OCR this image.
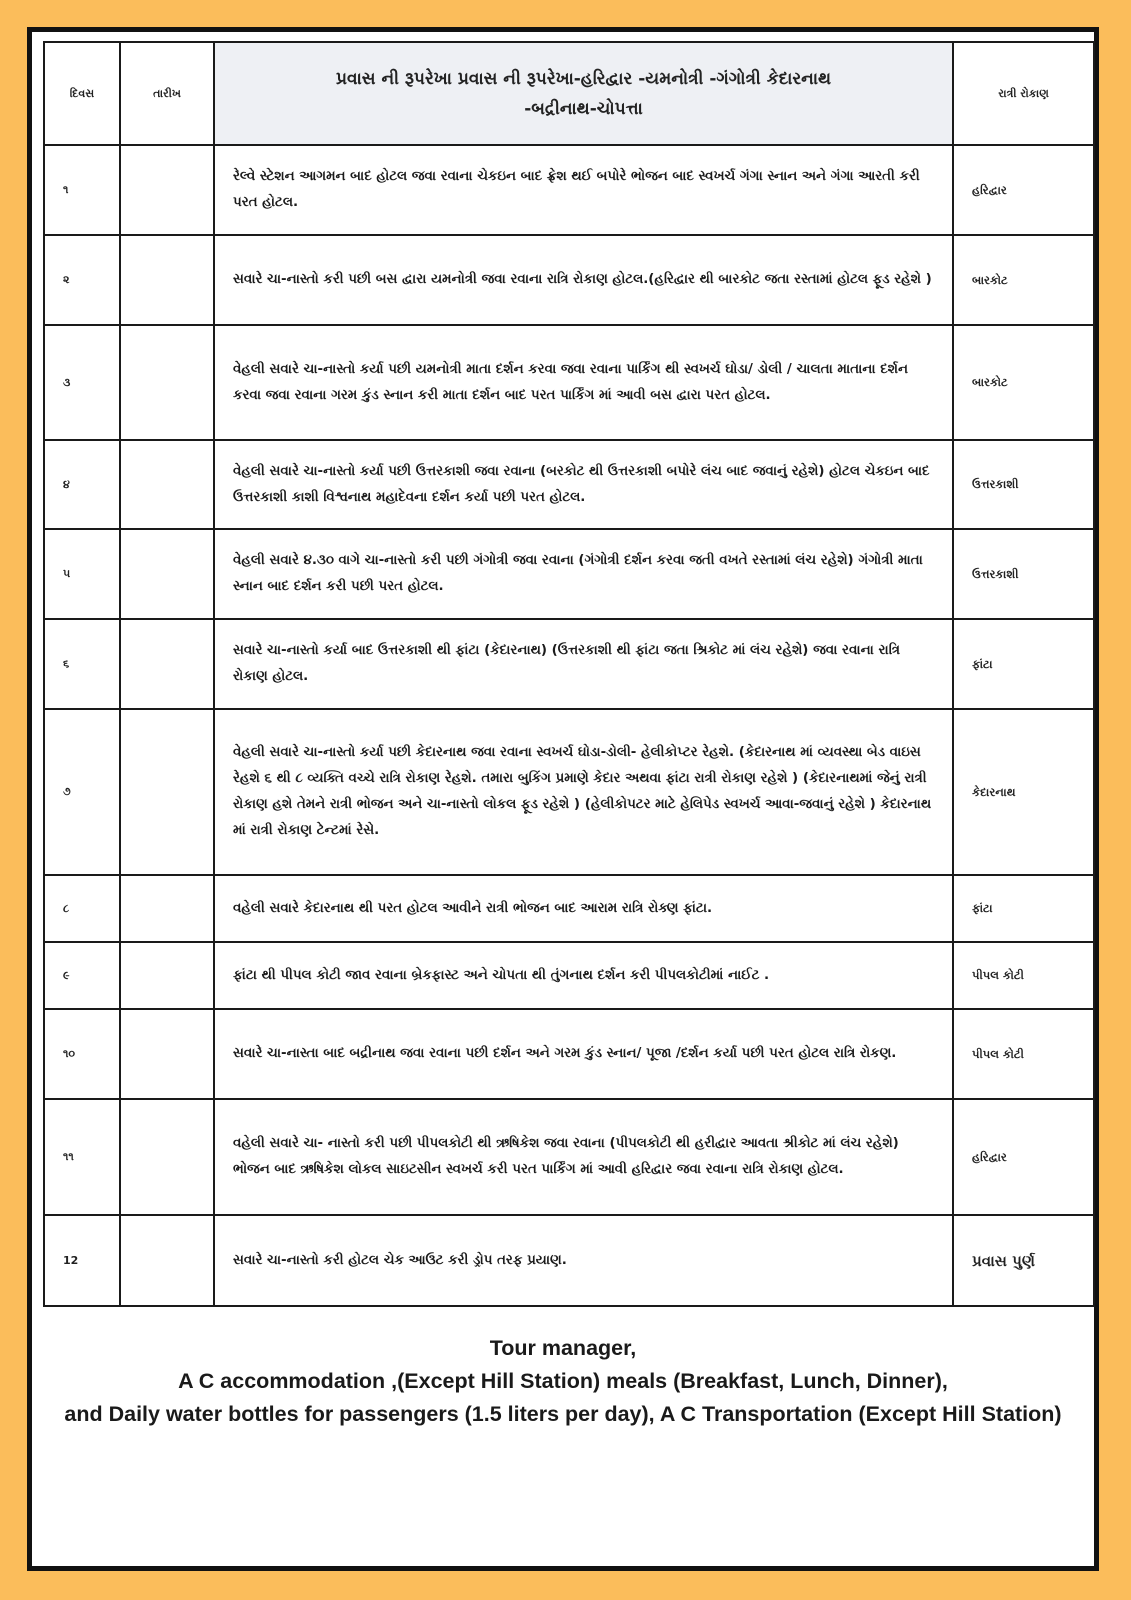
દિવસ	તારીખ	પ્રવાસ ની રૂપરેખા પ્રવાસ ની રૂપરેખા-હરિદ્વાર -યમનોત્રી -ગંગોત્રી કેદારનાથ
-બદ્રીનાથ-ચોપત્તા	રાત્રી રોકાણ
૧		રેલ્વે સ્ટેશન આગમન બાદ હોટલ જવા રવાના ચેકઇન બાદ ફ્રેશ થઈ બપોરે ભોજન બાદ સ્વખર્ચ ગંગા સ્નાન અને ગંગા આરતી કરી પરત હોટલ.	હરિદ્વાર
૨		સવારે ચા-નાસ્તો કરી પછી બસ દ્વારા યમનોત્રી જવા રવાના રાત્રિ રોકાણ હોટલ.(હરિદ્વાર થી બારકોટ જતા રસ્તામાં હોટલ ફૂડ રહેશે )	બારકોટ
૩		વેહલી સવારે ચા-નાસ્તો કર્યા પછી યમનોત્રી માતા દર્શન કરવા જવા રવાના પાર્કિંગ થી સ્વખર્ચ ઘોડા/ ડોલી / ચાલતા માતાના દર્શન કરવા જવા રવાના ગરમ કુંડ સ્નાન કરી માતા દર્શન બાદ પરત પાર્કિંગ માં આવી બસ દ્વારા પરત હોટલ.	બારકોટ
૪		વેહલી સવારે ચા-નાસ્તો કર્યા પછી ઉત્તરકાશી જવા રવાના (બરકોટ થી ઉત્તરકાશી બપોરે લંચ બાદ જવાનું રહેશે) હોટલ ચેકઇન બાદ ઉત્તરકાશી કાશી વિશ્વનાથ મહાદેવના દર્શન કર્યા પછી પરત હોટલ.	ઉત્તરકાશી
૫		વેહલી સવારે ૪.૩૦ વાગે ચા-નાસ્તો કરી પછી ગંગોત્રી જવા રવાના (ગંગોત્રી દર્શન કરવા જતી વખતે રસ્તામાં લંચ રહેશે) ગંગોત્રી માતા સ્નાન બાદ દર્શન કરી પછી પરત હોટલ.	ઉત્તરકાશી
૬		સવારે ચા-નાસ્તો કર્યા બાદ ઉત્તરકાશી થી ફાંટા (કેદારનાથ) (ઉત્તરકાશી થી ફાંટા જતા શ્રિકોટ માં લંચ રહેશે) જવા રવાના રાત્રિ રોકાણ હોટલ.	ફાંટા
૭		વેહલી સવારે ચા-નાસ્તો કર્યા પછી કેદારનાથ જવા રવાના સ્વખર્ચ ઘોડા-ડોલી- હેલીકોપ્ટર રેહશે. (કેદારનાથ માં વ્યવસ્થા બેડ વાઇસ રેહશે ૬ થી ૮ વ્યક્તિ વચ્ચે રાત્રિ રોકાણ રેહશે. તમારા બુકિંગ પ્રમાણે કેદાર અથવા ફાંટા રાત્રી રોકાણ રહેશે ) (કેદારનાથમાં જેનું રાત્રી રોકાણ હશે તેમને રાત્રી ભોજન અને ચા-નાસ્તો લોકલ ફૂડ રહેશે ) (હેલીકોપટર માટે હેલિપેડ સ્વખર્ચ આવા-જવાનું રહેશે ) કેદારનાથ માં રાત્રી રોકાણ ટેન્ટમાં રેસે.	કેદારનાથ
૮		વહેલી સવારે કેદારનાથ થી પરત હોટલ આવીને રાત્રી ભોજન બાદ આરામ રાત્રિ રોક્ણ ફાંટા.	ફાંટા
૯		ફાંટા થી પીપલ કોટી જાવ રવાના બ્રેકફાસ્ટ અને ચોપતા થી તુંગનાથ દર્શન કરી પીપલકોટીમાં નાઈટ .	પીપલ કોટી
૧૦		સવારે ચા-નાસ્તા બાદ બદ્રીનાથ જવા રવાના પછી દર્શન અને ગરમ કુંડ સ્નાન/ પૂજા /દર્શન કર્યા પછી પરત હોટલ રાત્રિ રોકણ.	પીપલ કોટી
૧૧		વહેલી સવારે ચા- નાસ્તો કરી પછી પીપલકોટી થી ઋષિકેશ જવા રવાના (પીપલકોટી થી હરીદ્વાર આવતા શ્રીકોટ માં લંચ રહેશે) ભોજન બાદ ઋષિકેશ લોકલ સાઇટસીન સ્વખર્ચ કરી પરત પાર્કિંગ માં આવી હરિદ્વાર જવા રવાના રાત્રિ રોકાણ હોટલ.	હરિદ્વાર
12		સવારે ચા-નાસ્તો કરી હોટલ ચેક આઉટ કરી ડ્રોપ તરફ પ્રયાણ.	પ્રવાસ પુર્ણ
Tour manager,
A C accommodation ,(Except Hill Station) meals (Breakfast, Lunch, Dinner),
and Daily water bottles for passengers (1.5 liters per day), A C Transportation (Except Hill Station)
